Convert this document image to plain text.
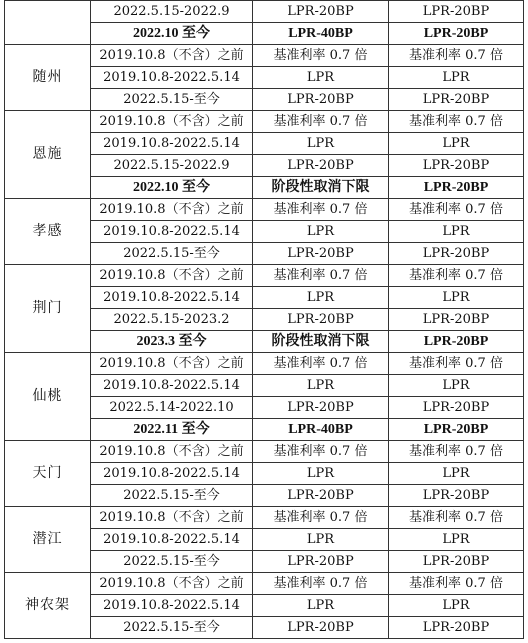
	2022.5.15-2022.9	LPR-20BP	LPR-20BP
	2022.10 至今	LPR-40BP	LPR-20BP
随州	2019.10.8（不含）之前	基准利率 0.7 倍	基准利率 0.7 倍
	2019.10.8-2022.5.14	LPR	LPR
	2022.5.15-至今	LPR-20BP	LPR-20BP
恩施	2019.10.8（不含）之前	基准利率 0.7 倍	基准利率 0.7 倍
	2019.10.8-2022.5.14	LPR	LPR
	2022.5.15-2022.9	LPR-20BP	LPR-20BP
	2022.10 至今	阶段性取消下限	LPR-20BP
孝感	2019.10.8（不含）之前	基准利率 0.7 倍	基准利率 0.7 倍
	2019.10.8-2022.5.14	LPR	LPR
	2022.5.15-至今	LPR-20BP	LPR-20BP
荆门	2019.10.8（不含）之前	基准利率 0.7 倍	基准利率 0.7 倍
	2019.10.8-2022.5.14	LPR	LPR
	2022.5.15-2023.2	LPR-20BP	LPR-20BP
	2023.3 至今	阶段性取消下限	LPR-20BP
仙桃	2019.10.8（不含）之前	基准利率 0.7 倍	基准利率 0.7 倍
	2019.10.8-2022.5.14	LPR	LPR
	2022.5.14-2022.10	LPR-20BP	LPR-20BP
	2022.11 至今	LPR-40BP	LPR-20BP
天门	2019.10.8（不含）之前	基准利率 0.7 倍	基准利率 0.7 倍
	2019.10.8-2022.5.14	LPR	LPR
	2022.5.15-至今	LPR-20BP	LPR-20BP
潜江	2019.10.8（不含）之前	基准利率 0.7 倍	基准利率 0.7 倍
	2019.10.8-2022.5.14	LPR	LPR
	2022.5.15-至今	LPR-20BP	LPR-20BP
神农架	2019.10.8（不含）之前	基准利率 0.7 倍	基准利率 0.7 倍
	2019.10.8-2022.5.14	LPR	LPR
	2022.5.15-至今	LPR-20BP	LPR-20BP
